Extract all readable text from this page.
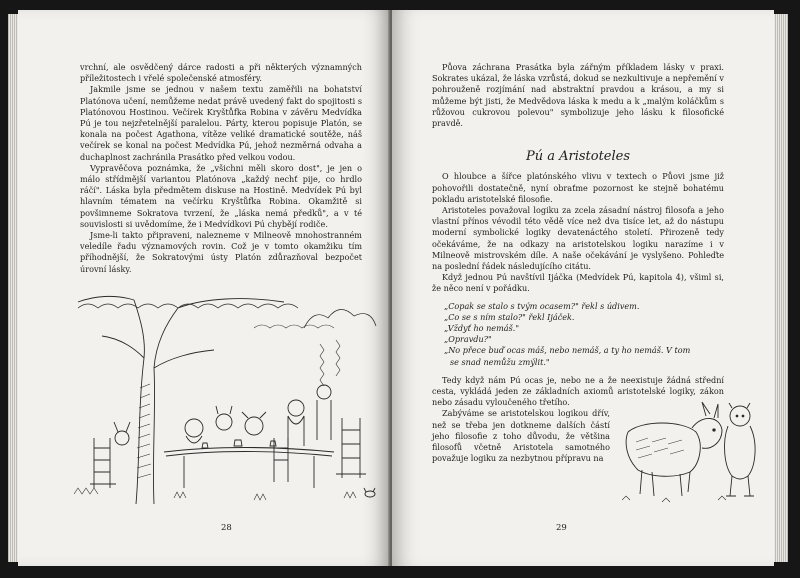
vrchní, ale osvědčený dárce radosti a při některých významných příležitostech i vřelé společenské atmosféry.

Jakmile jsme se jednou v našem textu zaměřili na bohatství Platónova učení, nemůžeme nedat právě uvedený fakt do spojitosti s Platónovou Hostinou. Večírek Kryštůfka Robina v závěru Medvídka Pú je tou nejzřetelnější paralelou. Párty, kterou popisuje Platón, se konala na počest Agathona, vítěze veliké dramatické soutěže, náš večírek se konal na počest Medvídka Pú, jehož nezměrná odvaha a duchaplnost zachránila Prasátko před velkou vodou.

Vypravěčova poznámka, že „všichni měli skoro dost", je jen o málo střídmější variantou Platónova „každý nechť pije, co hrdlo ráčí". Láska byla předmětem diskuse na Hostině. Medvídek Pú byl hlavním tématem na večírku Kryštůfka Robina. Okamžitě si povšimneme Sokratova tvrzení, že „láska nemá předků", a v té souvislosti si uvědomíme, že i Medvídkovi Pú chybějí rodiče.

Jsme-li takto připraveni, nalezneme v Milneově mnohostranném veledíle řadu významových rovin. Což je v tomto okamžiku tím příhodnější, že Sokratovými ústy Platón zdůrazňoval bezpočet úrovní lásky.

28

Půova záchrana Prasátka byla zářným příkladem lásky v praxi. Sokrates ukázal, že láska vzrůstá, dokud se nezkultivuje a nepřemění v pohrouženě rozjímání nad abstraktní pravdou a krásou, a my si můžeme být jisti, že Medvědova láska k medu a k „malým koláčkům s růžovou cukrovou polevou" symbolizuje jeho lásku k filosofické pravdě.

Pú a Aristoteles

O hloubce a šířce platónského vlivu v textech o Půovi jsme již pohovořili dostatečně, nyní obraťme pozornost ke stejně bohatému pokladu aristotelské filosofie.

Aristoteles považoval logiku za zcela zásadní nástroj filosofa a jeho vlastní přínos vévodil této vědě více než dva tisíce let, až do nástupu moderní symbolické logiky devatenáctého století. Přirozeně tedy očekáváme, že na odkazy na aristotelskou logiku narazíme i v Milneově mistrovském díle. A naše očekávání je vyslyšeno. Pohleďte na poslední řádek následujícího citátu.

Když jednou Pú navštívil Ijáčka (Medvídek Pú, kapitola 4), všiml si, že něco není v pořádku.

„Copak se stalo s tvým ocasem?" řekl s údivem.
„Co se s ním stalo?" řekl Ijáček.
„Vždyť ho nemáš."
„Opravdu?"
„No přece buď ocas máš, nebo nemáš, a ty ho nemáš. V tom
se snad nemůžu zmýlit."

Tedy když nám Pú ocas je, nebo ne a že neexistuje žádná střední cesta, vykládá jeden ze základních axiomů aristotelské logiky, zákon nebo zásadu vyloučeného třetího.

Zabýváme se aristotelskou logikou dřív, než se třeba jen dotkneme dalších částí jeho filosofie z toho důvodu, že většina filosofů včetně Aristotela samotného považuje logiku za nezbytnou přípravu na

29
